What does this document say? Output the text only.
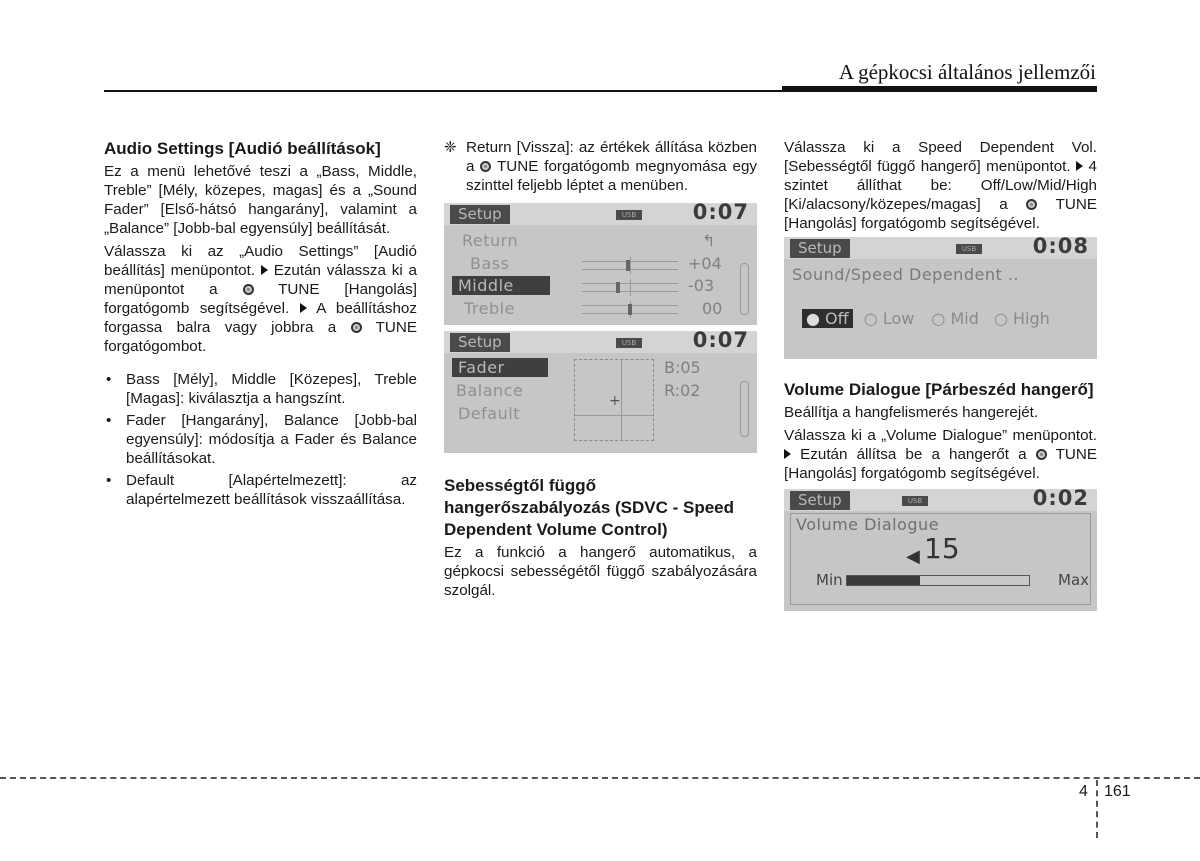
A gépkocsi általános jellemzői
Audio Settings [Audió beállítások]

Ez a menü lehetővé teszi a „Bass, Middle, Treble” [Mély, közepes, magas] és a „Sound Fader” [Első-hátsó hangarány], valamint a „Balance” [Jobb-bal egyensúly] beállítását.

Válassza ki az „Audio Settings” [Audió beállítás] menüpontot. Ezután válassza ki a menüpontot a	TUNE [Hangolás] forgatógomb segítségével. A beállításhoz forgassa balra vagy jobbra a	TUNE forgatógombot.

• Bass [Mély], Middle [Közepes], Treble [Magas]: kiválasztja a hangszínt.
• Fader [Hangarány], Balance [Jobb-bal egyensúly]: módosítja a Fader és Balance beállításokat.
• Default [Alapértelmezett]: az alapértelmezett beállítások visszaállítása.
❈ Return [Vissza]: az értékek állítása közben a TUNE forgatógomb megnyomása egy szinttel feljebb léptet a menüben.
Setup	USB	0:07
Return
Bass
Middle
Treble
↰
+04
-03
00
Setup	USB	0:07
Fader
Balance
Default
+
B:05
R:02
Sebességtől függő hangerőszabályozás (SDVC - Speed Dependent Volume Control)

Ez a funkció a hangerő automatikus, a gépkocsi sebességétől függő szabályozására szolgál.

Válassza ki a Speed Dependent Vol. [Sebességtől függő hangerő] menüpontot. 4 szintet állíthat be: Off/Low/Mid/High [Ki/alacsony/közepes/magas] a	TUNE [Hangolás] forgatógomb segítségével.

Setup	USB	0:08
Sound/Speed Dependent ..
● Off ○ Low ○ Mid ○ High
Volume Dialogue [Párbeszéd hangerő]

Beállítja a hangfelismerés hangerejét.

Válassza ki a „Volume Dialogue” menüpontot.  Ezután állítsa be a hangerőt a TUNE [Hangolás] forgatógomb segítségével.

Setup	USB	0:02
Volume Dialogue
◀ 15
Min	Max
4 161
